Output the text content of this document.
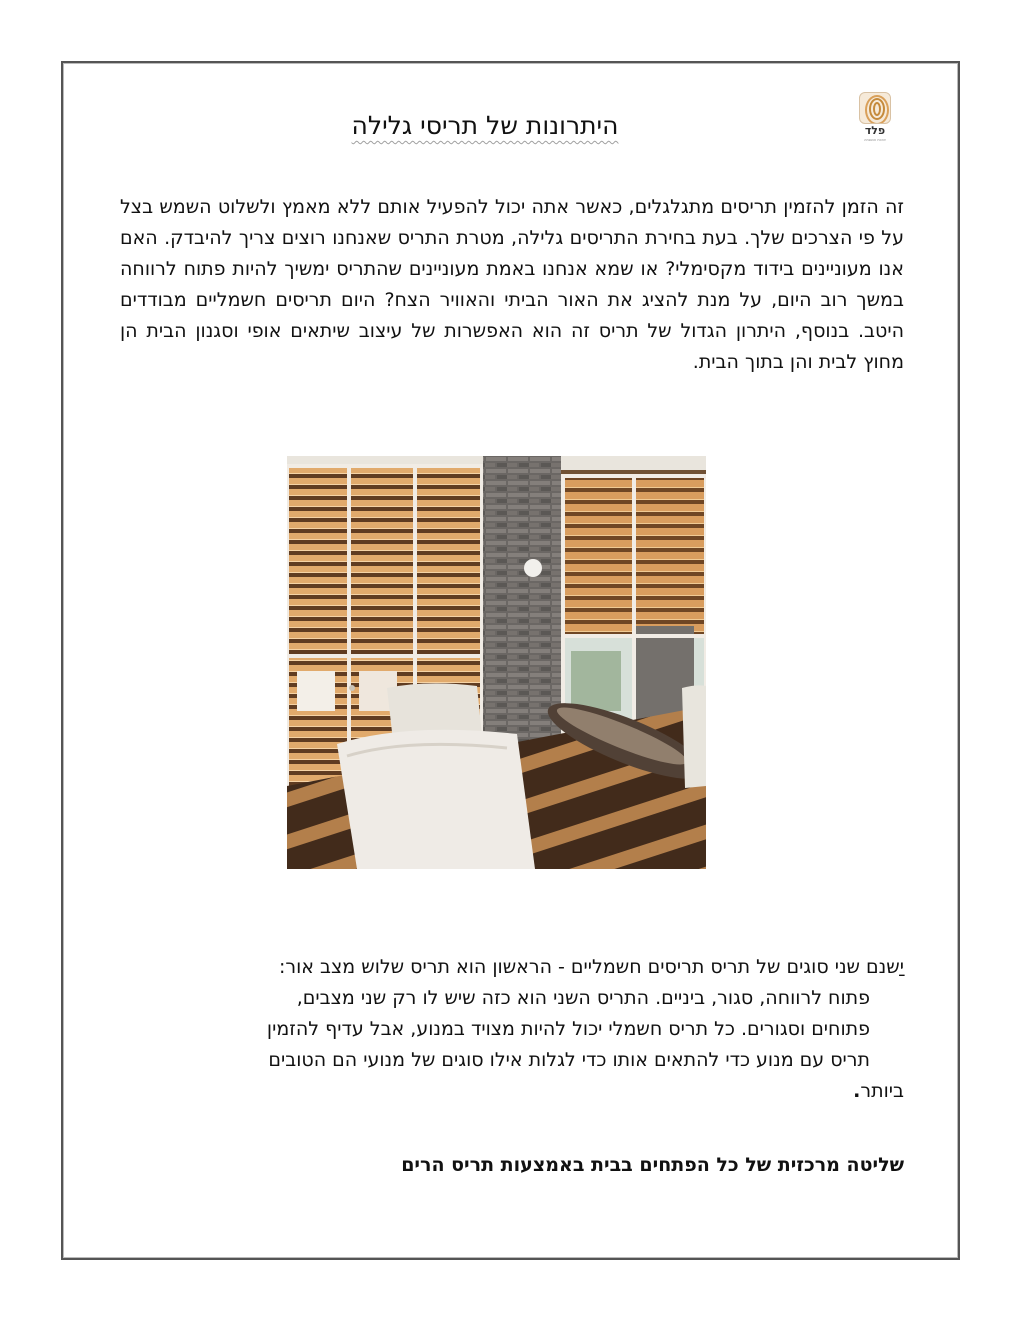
פלד
איכות והשגחה
היתרונות של תריסי גלילה
זה הזמן להזמין תריסים מתגלגלים, כאשר אתה יכול להפעיל אותם ללא מאמץ ולשלוט השמש בצל על פי הצרכים שלך. בעת בחירת התריסים גלילה, מטרת התריס שאנחנו רוצים צריך להיבדק. האם אנו מעוניינים בידוד מקסימלי? או שמא אנחנו באמת מעוניינים שהתריס ימשיך להיות פתוח לרווחה במשך רוב היום, על מנת להציג את האור הביתי והאוויר הצח? היום תריסים חשמליים מבודדים היטב. בנוסף, היתרון הגדול של תריס זה הוא האפשרות של עיצוב שיתאים אופי וסגנון הבית הן מחוץ לבית והן בתוך הבית.
יַשנם שני סוגים של תריס תריסים חשמליים - הראשון הוא תריס שלוש מצב אור:
פתוח לרווחה, סגור, ביניים. התריס השני הוא כזה שיש לו רק שני מצבים,
פתוחים וסגורים. כל תריס חשמלי יכול להיות מצויד במנוע, אבל עדיף להזמין
תריס עם מנוע כדי להתאים אותו כדי לגלות אילו סוגים של מנועי הם הטובים
ביותר.
שליטה מרכזית של כל הפתחים בבית באמצעות תריס הרים
